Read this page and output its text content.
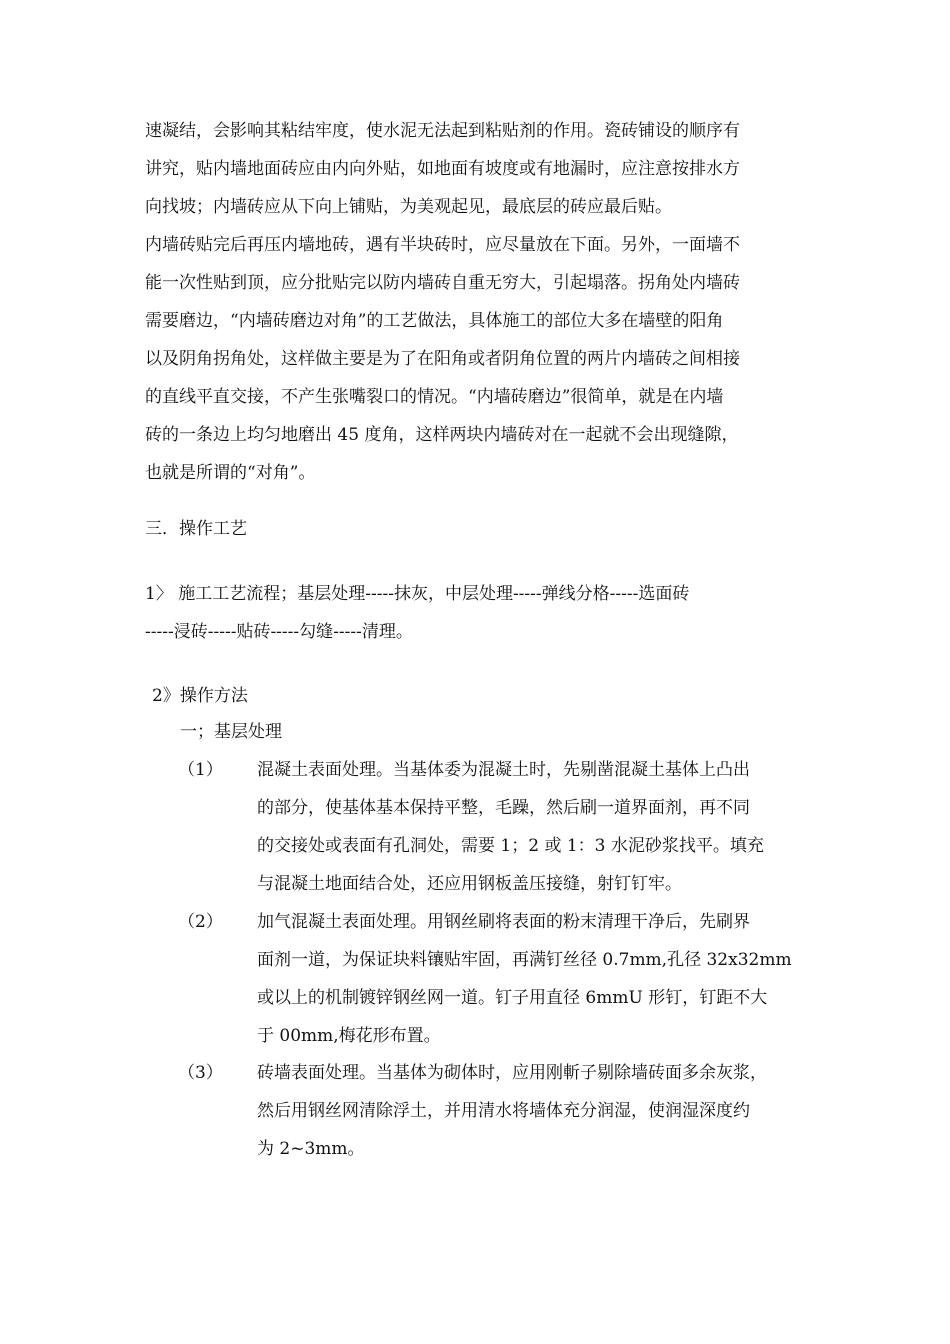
速凝结，会影响其粘结牢度，使水泥无法起到粘贴剂的作用。瓷砖铺设的顺序有
讲究，贴内墙地面砖应由内向外贴，如地面有坡度或有地漏时，应注意按排水方
向找坡；内墙砖应从下向上铺贴，为美观起见，最底层的砖应最后贴。
内墙砖贴完后再压内墙地砖，遇有半块砖时，应尽量放在下面。另外，一面墙不
能一次性贴到顶，应分批贴完以防内墙砖自重无穷大，引起塌落。拐角处内墙砖
需要磨边，“内墙砖磨边对角”的工艺做法，具体施工的部位大多在墙壁的阳角
以及阴角拐角处，这样做主要是为了在阳角或者阴角位置的两片内墙砖之间相接
的直线平直交接，不产生张嘴裂口的情况。“内墙砖磨边”很简单，就是在内墙
砖的一条边上均匀地磨出 45 度角，这样两块内墙砖对在一起就不会出现缝隙，
也就是所谓的“对角”。
三．操作工艺
1〉 施工工艺流程；基层处理-----抹灰，中层处理-----弹线分格-----选面砖
-----浸砖-----贴砖-----勾缝-----清理。
2》操作方法
一；基层处理
（1） 混凝土表面处理。当基体委为混凝土时，先剔凿混凝土基体上凸出
的部分，使基体基本保持平整，毛躁，然后刷一道界面剂，再不同
的交接处或表面有孔洞处，需要 1；2 或 1：3 水泥砂浆找平。填充
与混凝土地面结合处，还应用钢板盖压接缝，射钉钉牢。
（2） 加气混凝土表面处理。用钢丝刷将表面的粉末清理干净后，先刷界
面剂一道，为保证块料镶贴牢固，再满钉丝径 0.7mm,孔径 32x32mm
或以上的机制镀锌钢丝网一道。钉子用直径 6mmU 形钉，钉距不大
于 00mm,梅花形布置。
（3） 砖墙表面处理。当基体为砌体时，应用刚斬子剔除墙砖面多余灰浆，
然后用钢丝网清除浮土，并用清水将墙体充分润湿，使润湿深度约
为 2~3mm。
